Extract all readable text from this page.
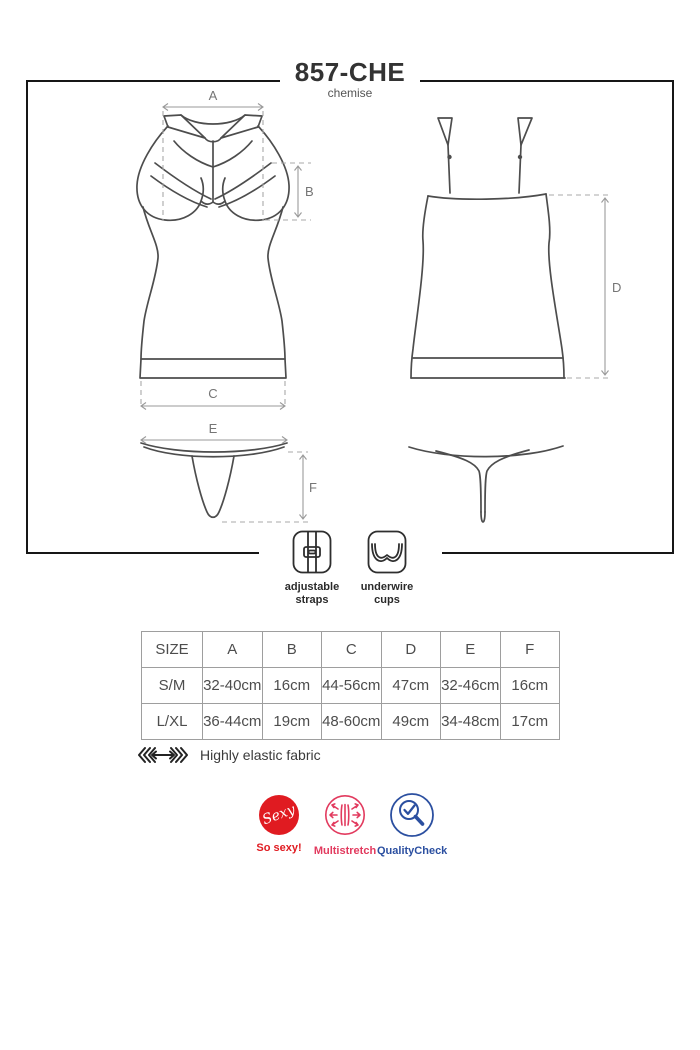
857-CHE
chemise
A
B
C
D
E
F
adjustable straps
underwire cups
SIZE	A	B	C	D	E	F
S/M	32-40cm	16cm	44-56cm	47cm	32-46cm	16cm
L/XL	36-44cm	19cm	48-60cm	49cm	34-48cm	17cm
Highly elastic fabric
Sexy
So sexy!	Multistretch QualityCheck
